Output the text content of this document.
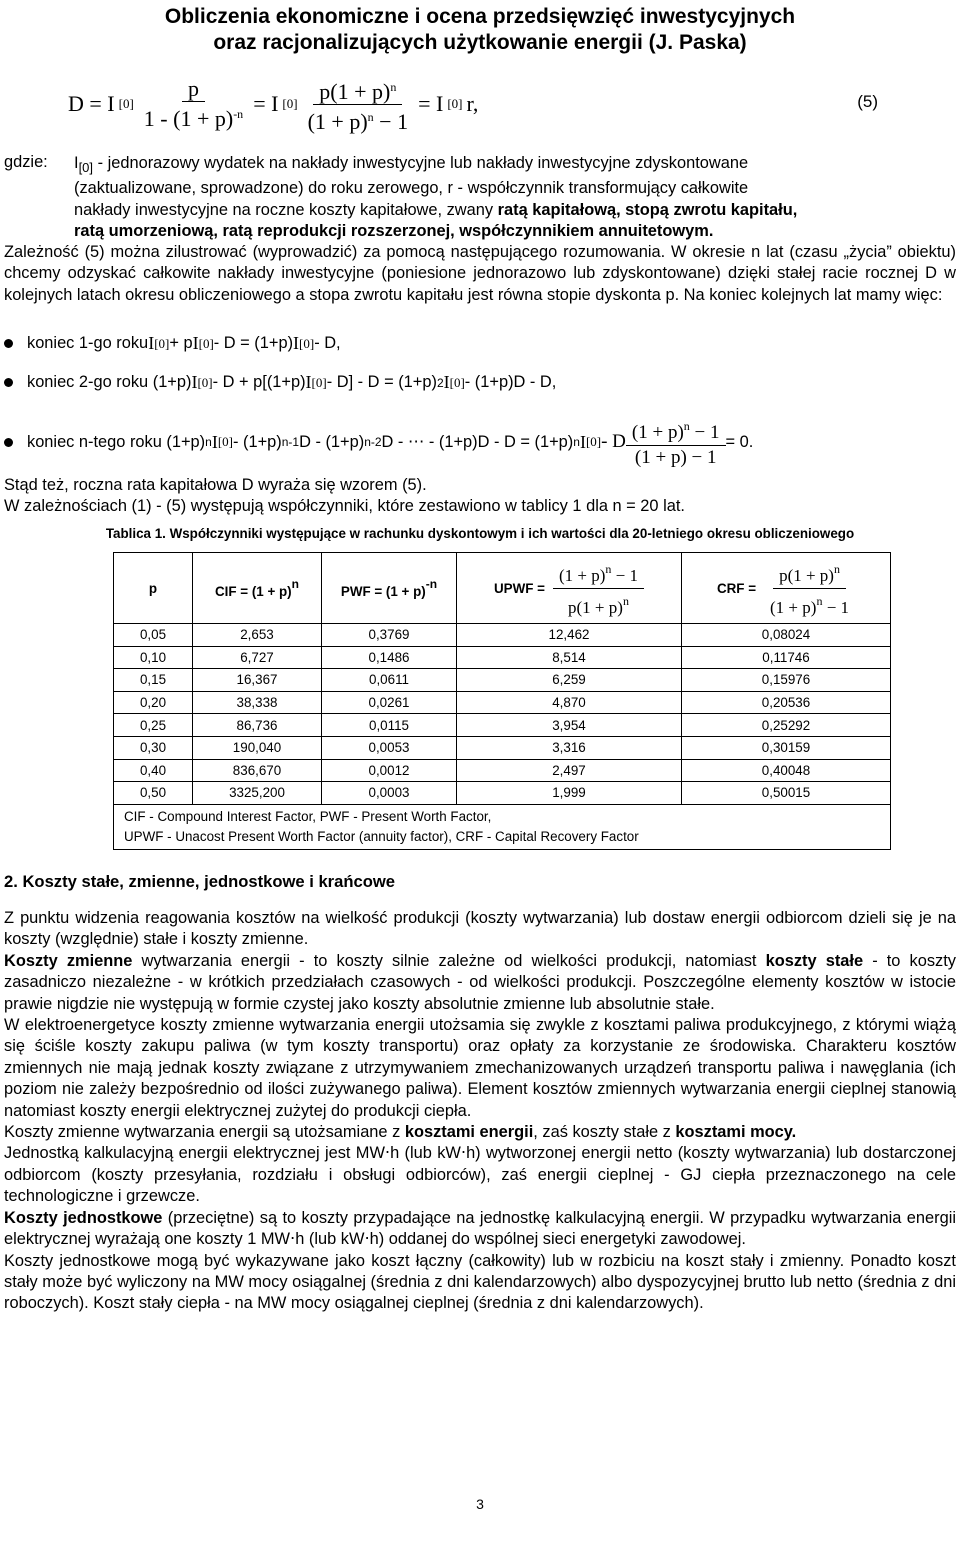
Obliczenia ekonomiczne i ocena przedsięwzięć inwestycyjnych
oraz racjonalizujących użytkowanie energii (J. Paska)
D = I $[0] \frac{p}{1 - (1 + p)^{-n}} = I$ $[0] \frac{p(1 + p)^n}{(1 + p)^n - 1} = I$ [0] r,	(5)
gdzie: $I_{[0]}$ - jednorazowy wydatek na nakłady inwestycyjne lub nakłady inwestycyjne zdyskontowane
(zaktualizowane, sprowadzone) do roku zerowego, r - współczynnik transformujący całkowite
nakłady inwestycyjne na roczne koszty kapitałowe, zwany ratą kapitałową, stopą zwrotu kapitału,
ratą umorzeniową, ratą reprodukcji rozszerzonej, współczynnikiem annuitetowym.
Zależność (5) można zilustrować (wyprowadzić) za pomocą następującego rozumowania. W okresie n lat (czasu „życia” obiektu) chcemy odzyskać całkowite nakłady inwestycyjne (poniesione jednorazowo lub zdyskontowane) dzięki stałej racie rocznej D w kolejnych latach okresu obliczeniowego a stopa zwrotu kapitału jest równa stopie dyskonta p. Na koniec kolejnych lat mamy więc:
koniec 1-go roku I [0] + p I [0] - D = (1+p) I [0] - D,
koniec 2-go roku (1+p) I [0] - D + p[(1+p) I [0] - D] - D = (1+p) 2 I [0] - (1+p)D - D,
koniec n-tego roku (1+p) n I [0] - (1+p) n-1 D - (1+p) n-2 D - ⋯ - (1+p)D - D = (1+p) n I [0] - D $\frac{(1 + p)^n - 1}{(1 + p) - 1} = 0$.
Stąd też, roczna rata kapitałowa D wyraża się wzorem (5).
W zależnościach (1) - (5) występują współczynniki, które zestawiono w tablicy 1 dla n = 20 lat.
Tablica 1. Współczynniki występujące w rachunku dyskontowym i ich wartości dla 20-letniego okresu obliczeniowego
p	CIF = (1 + p)n	PWF = (1 + p)-n	UPWF = $\frac{(1 + p)^n - 1}{p(1 + p)^n}$	CRF = $\frac{p(1 + p)^n}{(1 + p)^n - 1}$

0,05	2,653	0,3769	12,462	0,08024
0,10	6,727	0,1486	8,514	0,11746
0,15	16,367	0,0611	6,259	0,15976
0,20	38,338	0,0261	4,870	0,20536
0,25	86,736	0,0115	3,954	0,25292
0,30	190,040	0,0053	3,316	0,30159
0,40	836,670	0,0012	2,497	0,40048
0,50	3325,200	0,0003	1,999	0,50015

CIF - Compound Interest Factor, PWF - Present Worth Factor,
UPWF - Unacost Present Worth Factor (annuity factor), CRF - Capital Recovery Factor				
2. Koszty stałe, zmienne, jednostkowe i krańcowe
Z punktu widzenia reagowania kosztów na wielkość produkcji (koszty wytwarzania) lub dostaw energii odbiorcom dzieli się je na koszty (względnie) stałe i koszty zmienne.
Koszty zmienne wytwarzania energii - to koszty silnie zależne od wielkości produkcji, natomiast koszty stałe - to koszty zasadniczo niezależne - w krótkich przedziałach czasowych - od wielkości produkcji. Poszczególne elementy kosztów w istocie prawie nigdzie nie występują w formie czystej jako koszty absolutnie zmienne lub absolutnie stałe.
W elektroenergetyce koszty zmienne wytwarzania energii utożsamia się zwykle z kosztami paliwa produkcyjnego, z którymi wiążą się ściśle koszty zakupu paliwa (w tym koszty transportu) oraz opłaty za korzystanie ze środowiska. Charakteru kosztów zmiennych nie mają jednak koszty związane z utrzymywaniem zmechanizowanych urządzeń transportu paliwa i nawęglania (ich poziom nie zależy bezpośrednio od ilości zużywanego paliwa). Element kosztów zmiennych wytwarzania energii cieplnej stanowią natomiast koszty energii elektrycznej zużytej do produkcji ciepła.
Koszty zmienne wytwarzania energii są utożsamiane z kosztami energii, zaś koszty stałe z kosztami mocy.
Jednostką kalkulacyjną energii elektrycznej jest MW⋅h (lub kW⋅h) wytworzonej energii netto (koszty wytwarzania) lub dostarczonej odbiorcom (koszty przesyłania, rozdziału i obsługi odbiorców), zaś energii cieplnej - GJ ciepła przeznaczonego na cele technologiczne i grzewcze.
Koszty jednostkowe (przeciętne) są to koszty przypadające na jednostkę kalkulacyjną energii. W przypadku wytwarzania energii elektrycznej wyrażają one koszty 1 MW⋅h (lub kW⋅h) oddanej do wspólnej sieci energetyki zawodowej.
Koszty jednostkowe mogą być wykazywane jako koszt łączny (całkowity) lub w rozbiciu na koszt stały i zmienny. Ponadto koszt stały może być wyliczony na MW mocy osiągalnej (średnia z dni kalendarzowych) albo dyspozycyjnej brutto lub netto (średnia z dni roboczych). Koszt stały ciepła - na MW mocy osiągalnej cieplnej (średnia z dni kalendarzowych).
3
